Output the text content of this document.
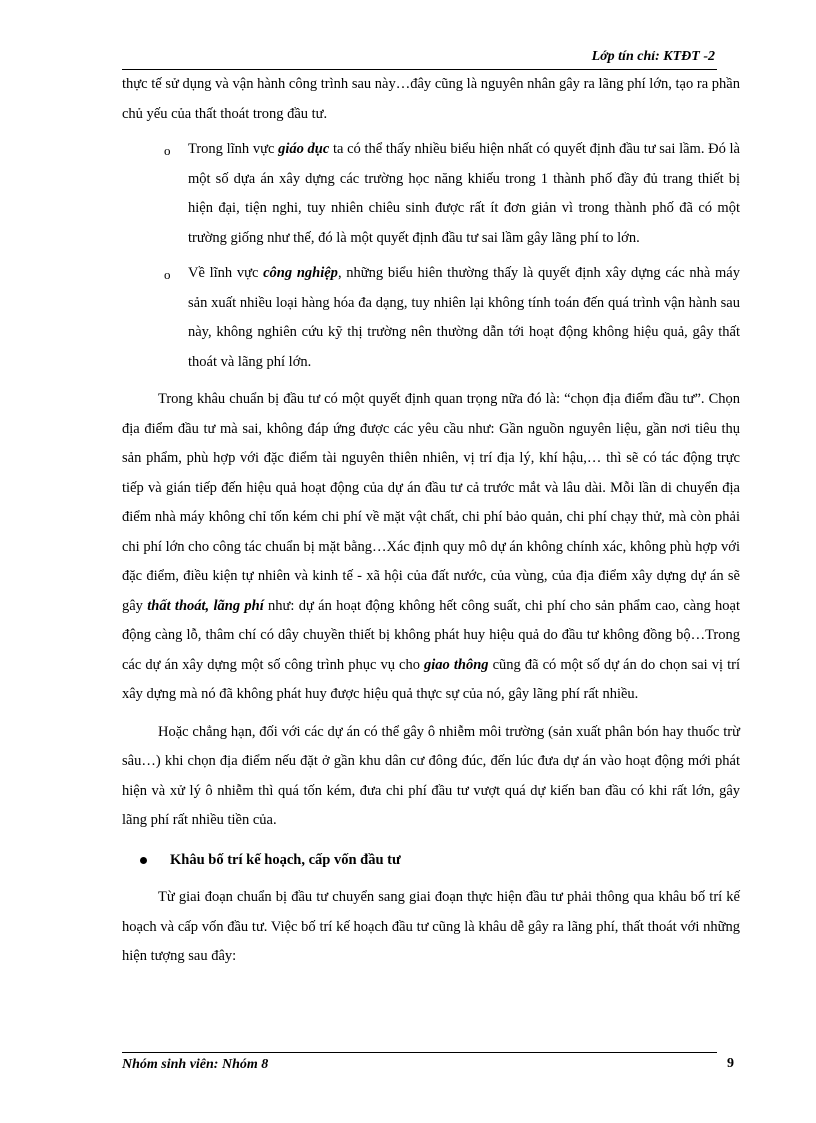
Lớp tín chỉ: KTĐT -2

thực tế sử dụng và vận hành công trình sau này…đây cũng là nguyên nhân gây ra lãng phí lớn, tạo ra phần chủ yếu của thất thoát trong đầu tư.

o Trong lĩnh vực giáo dục ta có thể thấy nhiều biểu hiện nhất có quyết định đầu tư sai lầm. Đó là một số dựa án xây dựng các trường học năng khiếu trong 1 thành phố đầy đủ trang thiết bị hiện đại, tiện nghi, tuy nhiên chiêu sinh được rất ít đơn giản vì trong thành phố đã có một trường giống như thế, đó là một quyết định đầu tư sai lầm gây lãng phí to lớn.
o Về lĩnh vực công nghiệp, những biểu hiên thường thấy là quyết định xây dựng các nhà máy sản xuất nhiều loại hàng hóa đa dạng, tuy nhiên lại không tính toán đến quá trình vận hành sau này, không nghiên cứu kỹ thị trường nên thường dẫn tới hoạt động không hiệu quả, gây thất thoát và lãng phí lớn.

Trong khâu chuẩn bị đầu tư có một quyết định quan trọng nữa đó là: “chọn địa điểm đầu tư”. Chọn địa điểm đầu tư mà sai, không đáp ứng được các yêu cầu như: Gần nguồn nguyên liệu, gần nơi tiêu thụ sản phẩm, phù hợp với đặc điểm tài nguyên thiên nhiên, vị trí địa lý, khí hậu,… thì sẽ có tác động trực tiếp và gián tiếp đến hiệu quả hoạt động của dự án đầu tư cả trước mắt và lâu dài. Mỗi lần di chuyển địa điểm nhà máy không chỉ tốn kém chi phí về mặt vật chất, chi phí bảo quản, chi phí chạy thử, mà còn phải chi phí lớn cho công tác chuẩn bị mặt bằng…Xác định quy mô dự án không chính xác, không phù hợp với đặc điểm, điều kiện tự nhiên và kinh tế - xã hội của đất nước, của vùng, của địa điểm xây dựng dự án sẽ gây thất thoát, lãng phí như: dự án hoạt động không hết công suất, chi phí cho sản phẩm cao, càng hoạt động càng lỗ, thâm chí có dây chuyền thiết bị không phát huy hiệu quả do đầu tư không đồng bộ…Trong các dự án xây dựng một số công trình phục vụ cho giao thông cũng đã có một số dự án do chọn sai vị trí xây dựng mà nó đã không phát huy được hiệu quả thực sự của nó, gây lãng phí rất nhiều.

Hoặc chẳng hạn, đối với các dự án có thể gây ô nhiễm môi trường (sản xuất phân bón hay thuốc trừ sâu…) khi chọn địa điểm nếu đặt ở gần khu dân cư đông đúc, đến lúc đưa dự án vào hoạt động mới phát hiện và xử lý ô nhiễm thì quá tốn kém, đưa chi phí đầu tư vượt quá dự kiến ban đầu có khi rất lớn, gây lãng phí rất nhiều tiền của.

Khâu bố trí kế hoạch, cấp vốn đầu tư

Từ giai đoạn chuẩn bị đầu tư chuyển sang giai đoạn thực hiện đầu tư phải thông qua khâu bố trí kế hoạch và cấp vốn đầu tư. Việc bố trí kế hoạch đầu tư cũng là khâu dễ gây ra lãng phí, thất thoát với những hiện tượng sau đây:

Nhóm sinh viên: Nhóm 8	9
